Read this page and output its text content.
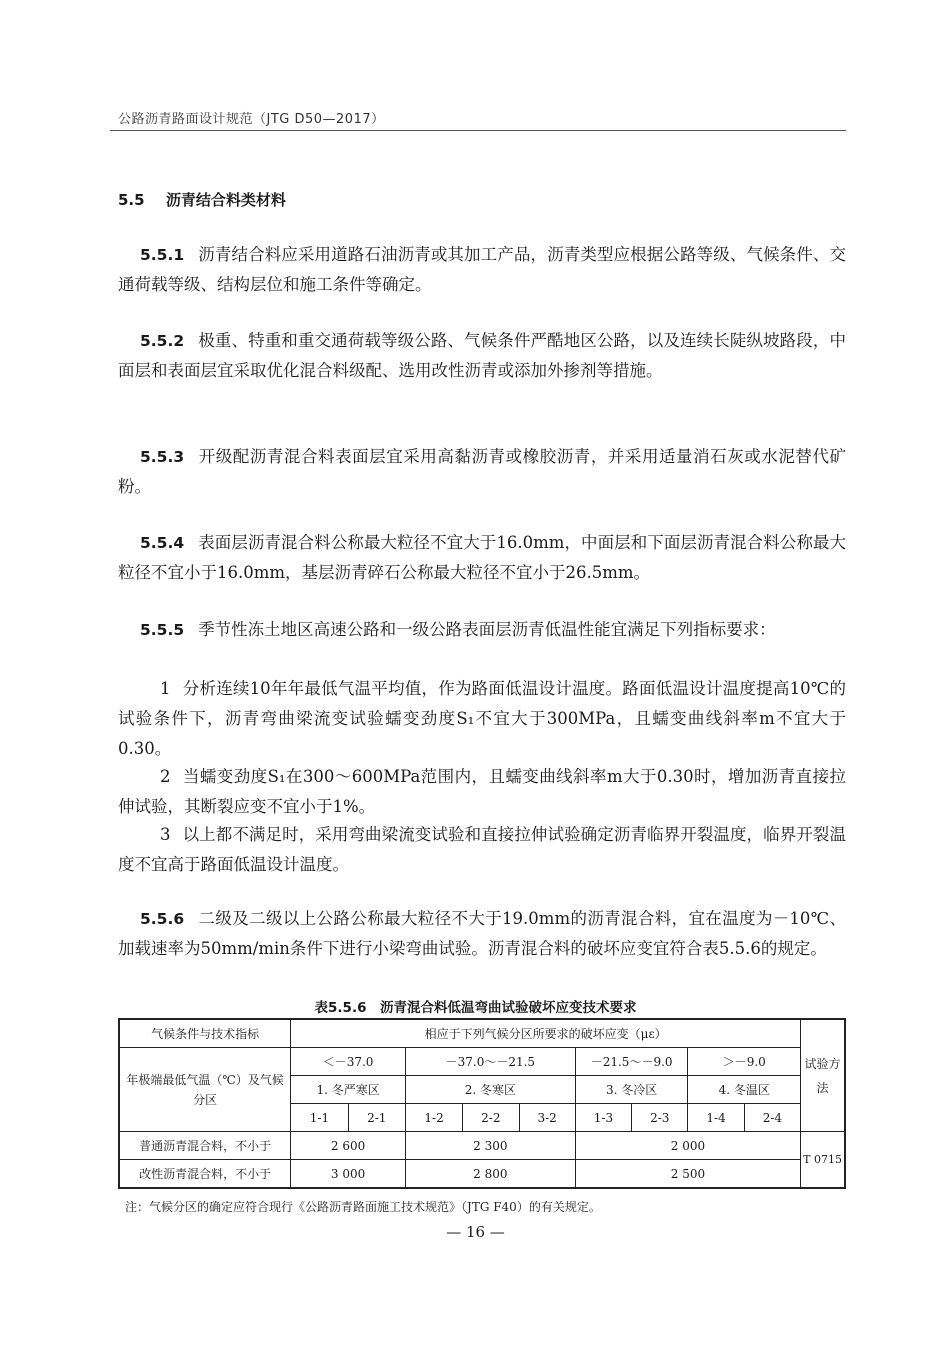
公路沥青路面设计规范（JTG D50—2017）
5.5 沥青结合料类材料
5.5.1 沥青结合料应采用道路石油沥青或其加工产品，沥青类型应根据公路等级、气候条件、交通荷载等级、结构层位和施工条件等确定。
5.5.2 极重、特重和重交通荷载等级公路、气候条件严酷地区公路，以及连续长陡纵坡路段，中面层和表面层宜采取优化混合料级配、选用改性沥青或添加外掺剂等措施。
5.5.3 开级配沥青混合料表面层宜采用高黏沥青或橡胶沥青，并采用适量消石灰或水泥替代矿粉。
5.5.4 表面层沥青混合料公称最大粒径不宜大于16.0mm，中面层和下面层沥青混合料公称最大粒径不宜小于16.0mm，基层沥青碎石公称最大粒径不宜小于26.5mm。
5.5.5 季节性冻土地区高速公路和一级公路表面层沥青低温性能宜满足下列指标要求：
1 分析连续10年年最低气温平均值，作为路面低温设计温度。路面低温设计温度提高10℃的试验条件下，沥青弯曲梁流变试验蠕变劲度S₁不宜大于300MPa，且蠕变曲线斜率m不宜大于0.30。
2 当蠕变劲度S₁在300～600MPa范围内，且蠕变曲线斜率m大于0.30时，增加沥青直接拉伸试验，其断裂应变不宜小于1%。
3 以上都不满足时，采用弯曲梁流变试验和直接拉伸试验确定沥青临界开裂温度，临界开裂温度不宜高于路面低温设计温度。
5.5.6 二级及二级以上公路公称最大粒径不大于19.0mm的沥青混合料，宜在温度为－10℃、加载速率为50mm/min条件下进行小梁弯曲试验。沥青混合料的破坏应变宜符合表5.5.6的规定。
表5.5.6　沥青混合料低温弯曲试验破坏应变技术要求
气候条件与技术指标	相应于下列气候分区所要求的破坏应变（με）									试验方法
年极端最低气温（℃）及气候分区	＜－37.0		－37.0～－21.5			－21.5～－9.0		＞－9.0		
	1. 冬严寒区		2. 冬寒区			3. 冬冷区		4. 冬温区		
	1-1	2-1	1-2	2-2	3-2	1-3	2-3	1-4	2-4	
普通沥青混合料，不小于	2 600		2 300			2 000				T 0715
改性沥青混合料，不小于	3 000		2 800			2 500				
注：气候分区的确定应符合现行《公路沥青路面施工技术规范》（JTG F40）的有关规定。
— 16 —
